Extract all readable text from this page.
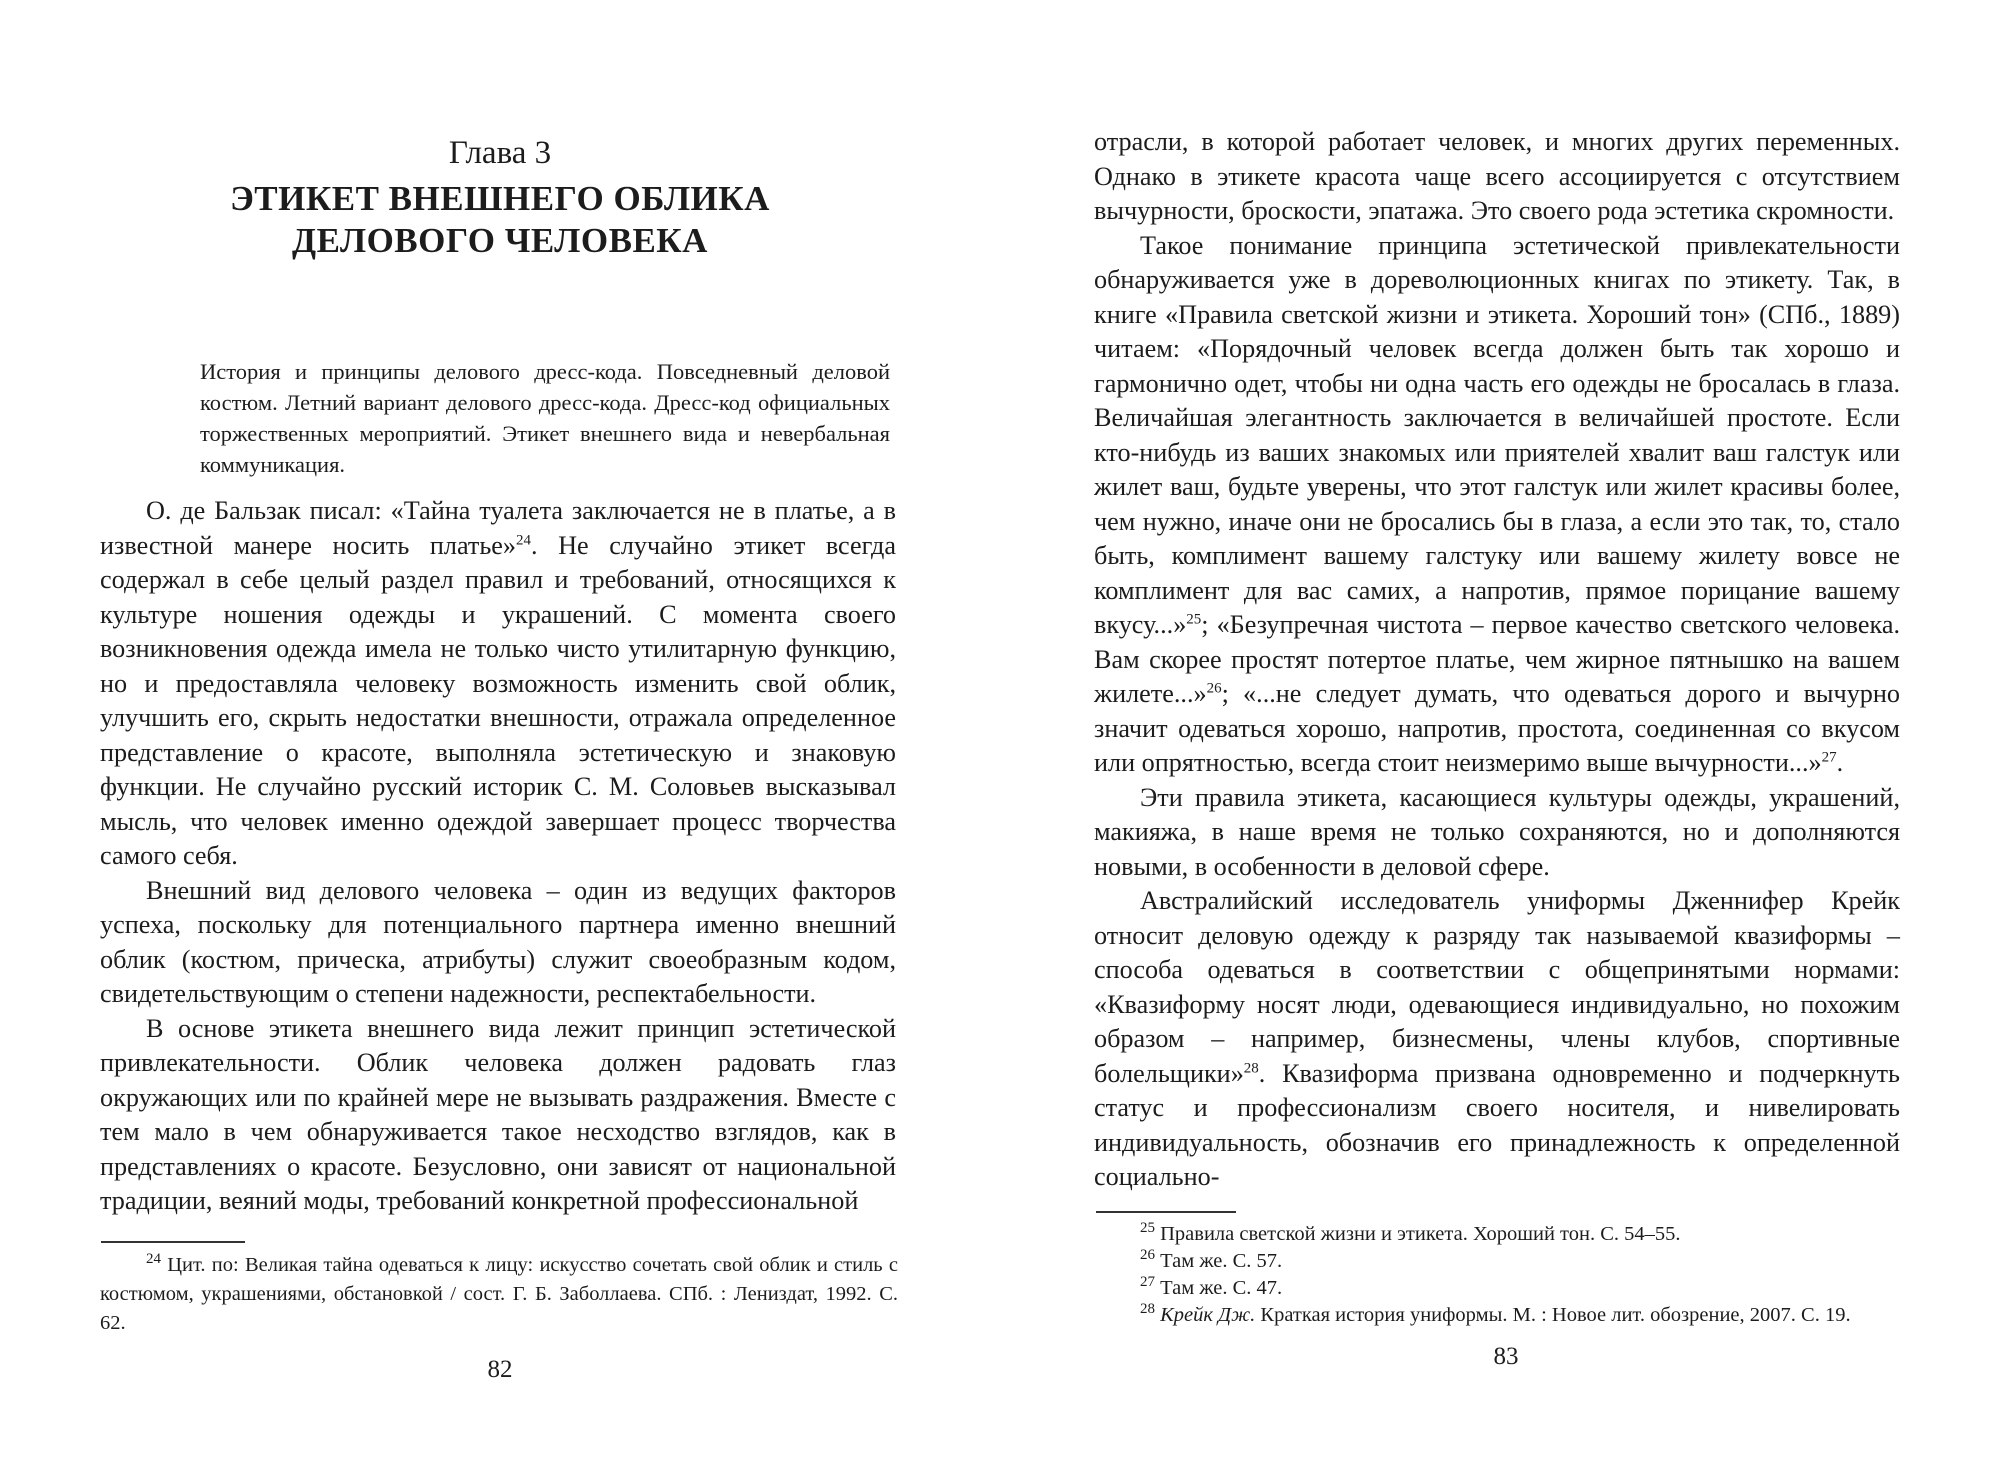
Глава 3
ЭТИКЕТ ВНЕШНЕГО ОБЛИКА
ДЕЛОВОГО ЧЕЛОВЕКА
История и принципы делового дресс-кода. Повседневный деловой костюм. Летний вариант делового дресс-кода. Дресс-код официальных торжественных мероприятий. Этикет внешнего вида и невербальная коммуникация.
О. де Бальзак писал: «Тайна туалета заключается не в платье, а в известной манере носить платье»$^{24}$. Не случайно этикет всегда содержал в себе целый раздел правил и требований, относящихся к культуре ношения одежды и украшений. С момента своего возникновения одежда имела не только чисто утилитарную функцию, но и предоставляла человеку возможность изменить свой облик, улучшить его, скрыть недостатки внешности, отражала определенное представление о красоте, выполняла эстетическую и знаковую функции. Не случайно русский историк С. М. Соловьев высказывал мысль, что человек именно одеждой завершает процесс творчества самого себя.
Внешний вид делового человека – один из ведущих факторов успеха, поскольку для потенциального партнера именно внешний облик (костюм, прическа, атрибуты) служит своеобразным кодом, свидетельствующим о степени надежности, респектабельности.
В основе этикета внешнего вида лежит принцип эстетической привлекательности. Облик человека должен радовать глаз окружающих или по крайней мере не вызывать раздражения. Вместе с тем мало в чем обнаруживается такое несходство взглядов, как в представлениях о красоте. Безусловно, они зависят от национальной традиции, веяний моды, требований конкретной профессиональной
$^{24}$ Цит. по: Великая тайна одеваться к лицу: искусство сочетать свой облик и стиль с костюмом, украшениями, обстановкой / сост. Г. Б. Заболлаева. СПб. : Лениздат, 1992. С. 62.
82
отрасли, в которой работает человек, и многих других переменных. Однако в этикете красота чаще всего ассоциируется с отсутствием вычурности, броскости, эпатажа. Это своего рода эстетика скромности.
Такое понимание принципа эстетической привлекательности обнаруживается уже в дореволюционных книгах по этикету. Так, в книге «Правила светской жизни и этикета. Хороший тон» (СПб., 1889) читаем: «Порядочный человек всегда должен быть так хорошо и гармонично одет, чтобы ни одна часть его одежды не бросалась в глаза. Величайшая элегантность заключается в величайшей простоте. Если кто-нибудь из ваших знакомых или приятелей хвалит ваш галстук или жилет ваш, будьте уверены, что этот галстук или жилет красивы более, чем нужно, иначе они не бросались бы в глаза, а если это так, то, стало быть, комплимент вашему галстуку или вашему жилету вовсе не комплимент для вас самих, а напротив, прямое порицание вашему вкусу...»$^{25}$; «Безупречная чистота – первое качество светского человека. Вам скорее простят потертое платье, чем жирное пятнышко на вашем жилете...»$^{26}$; «...не следует думать, что одеваться дорого и вычурно значит одеваться хорошо, напротив, простота, соединенная со вкусом или опрятностью, всегда стоит неизмеримо выше вычурности...»$^{27}$.
Эти правила этикета, касающиеся культуры одежды, украшений, макияжа, в наше время не только сохраняются, но и дополняются новыми, в особенности в деловой сфере.
Австралийский исследователь униформы Дженнифер Крейк относит деловую одежду к разряду так называемой квазиформы – способа одеваться в соответствии с общепринятыми нормами: «Квазиформу носят люди, одевающиеся индивидуально, но похожим образом – например, бизнесмены, члены клубов, спортивные болельщики»$^{28}$. Квазиформа призвана одновременно и подчеркнуть статус и профессионализм своего носителя, и нивелировать индивидуальность, обозначив его принадлежность к определенной социально-
$^{25}$ Правила светской жизни и этикета. Хороший тон. С. 54–55.
$^{26}$ Там же. С. 57.
$^{27}$ Там же. С. 47.
$^{28}$ Крейк Дж. Краткая история униформы. М. : Новое лит. обозрение, 2007. С. 19.
83
